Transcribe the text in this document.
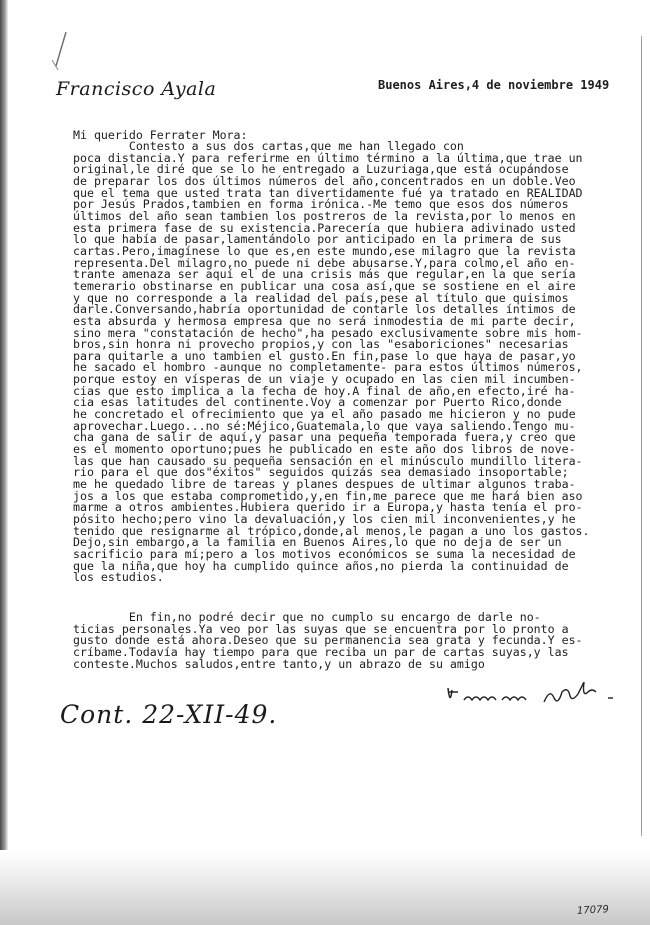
Francisco Ayala	Buenos Aires,4 de noviembre 1949
Mi querido Ferrater Mora:
Contesto a sus dos cartas,que me han llegado con
poca distancia.Y para referirme en último término a la última,que trae un
original,le diré que se lo he entregado a Luzuriaga,que está ocupándose
de preparar los dos últimos números del año,concentrados en un doble.Veo
que el tema que usted trata tan divertidamente fué ya tratado en REALIDAD
por Jesús Prados,tambien en forma irónica.-Me temo que esos dos números
últimos del año sean tambien los postreros de la revista,por lo menos en
esta primera fase de su existencia.Parecería que hubiera adivinado usted
lo que había de pasar,lamentándolo por anticipado en la primera de sus
cartas.Pero,imagínese lo que es,en este mundo,ese milagro que la revista
representa.Del milagro,no puede ni debe abusarse.Y,para colmo,el año en-
trante amenaza ser aquí el de una crisis más que regular,en la que sería
temerario obstinarse en publicar una cosa así,que se sostiene en el aire
y que no corresponde a la realidad del país,pese al título que quisimos
darle.Conversando,habría oportunidad de contarle los detalles íntimos de
esta absurda y hermosa empresa que no será inmodestia de mi parte decir,
sino mera "constatación de hecho",ha pesado exclusivamente sobre mis hom-
bros,sin honra ni provecho propios,y con las "esaboriciones" necesarias
para quitarle a uno tambien el gusto.En fin,pase lo que haya de pasar,yo
he sacado el hombro -aunque no completamente- para estos últimos números,
porque estoy en vísperas de un viaje y ocupado en las cien mil incumben-
cias que esto implica a la fecha de hoy.A final de año,en efecto,iré ha-
cia esas latitudes del continente.Voy a comenzar por Puerto Rico,donde
he concretado el ofrecimiento que ya el año pasado me hicieron y no pude
aprovechar.Luego...no sé:Méjico,Guatemala,lo que vaya saliendo.Tengo mu-
cha gana de salir de aquí,y pasar una pequeña temporada fuera,y creo que
es el momento oportuno;pues he publicado en este año dos libros de nove-
las que han causado su pequeña sensación en el minúsculo mundillo litera-
rio para el que dos"éxitos" seguidos quizás sea demasiado insoportable;
me he quedado libre de tareas y planes despues de ultimar algunos traba-
jos a los que estaba comprometido,y,en fin,me parece que me hará bien aso
marme a otros ambientes.Hubiera querido ir a Europa,y hasta tenía el pro-
pósito hecho;pero vino la devaluación,y los cien mil inconvenientes,y he
tenido que resignarme al trópico,donde,al menos,le pagan a uno los gastos.
Dejo,sin embargo,a la familia en Buenos Aires,lo que no deja de ser un
sacrificio para mí;pero a los motivos económicos se suma la necesidad de
que la niña,que hoy ha cumplido quince años,no pierda la continuidad de
los estudios.
En fin,no podré decir que no cumplo su encargo de darle no-
ticias personales.Ya veo por las suyas que se encuentra por lo pronto a
gusto donde está ahora.Deseo que su permanencia sea grata y fecunda.Y es-
críbame.Todavía hay tiempo para que reciba un par de cartas suyas,y las
conteste.Muchos saludos,entre tanto,y un abrazo de su amigo
Cont. 22-XII-49.
17079
